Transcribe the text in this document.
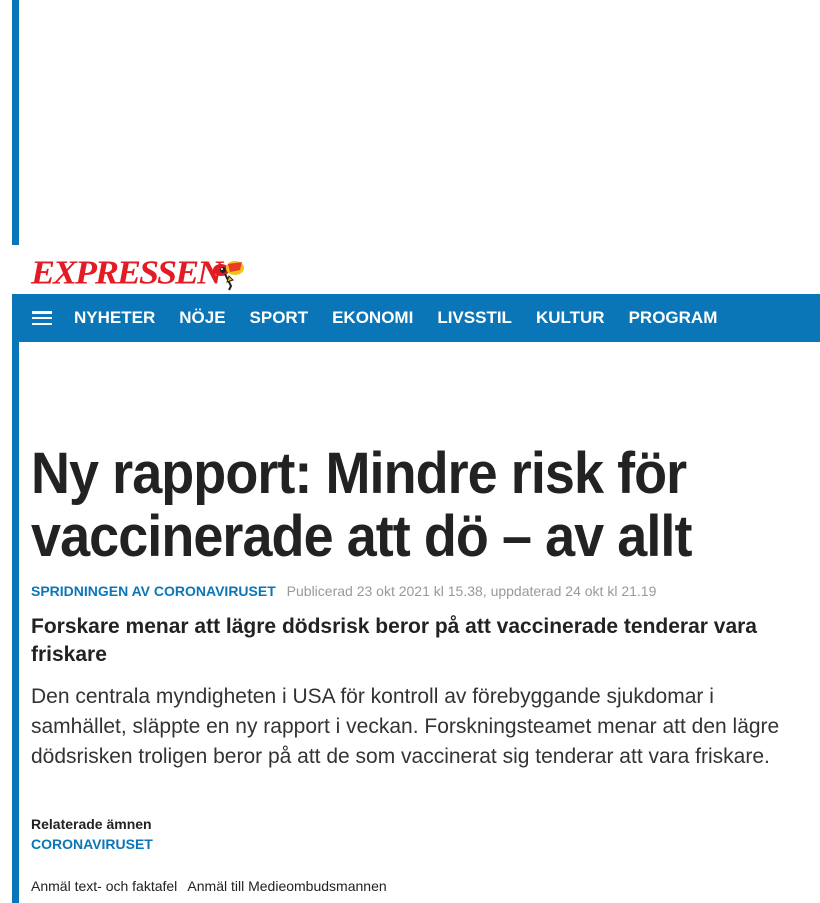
EXPRESSEN
NYHETER NÖJE SPORT EKONOMI LIVSSTIL KULTUR PROGRAM
Ny rapport: Mindre risk för vaccinerade att dö – av allt
SPRIDNINGEN AV CORONAVIRUSET Publicerad 23 okt 2021 kl 15.38, uppdaterad 24 okt kl 21.19

Forskare menar att lägre dödsrisk beror på att vaccinerade tenderar vara friskare

Den centrala myndigheten i USA för kontroll av förebyggande sjukdomar i samhället, släppte en ny rapport i veckan. Forskningsteamet menar att den lägre dödsrisken troligen beror på att de som vaccinerat sig tenderar att vara friskare.

Relaterade ämnen
CORONAVIRUSET
Anmäl text- och faktafel Anmäl till Medieombudsmannen
